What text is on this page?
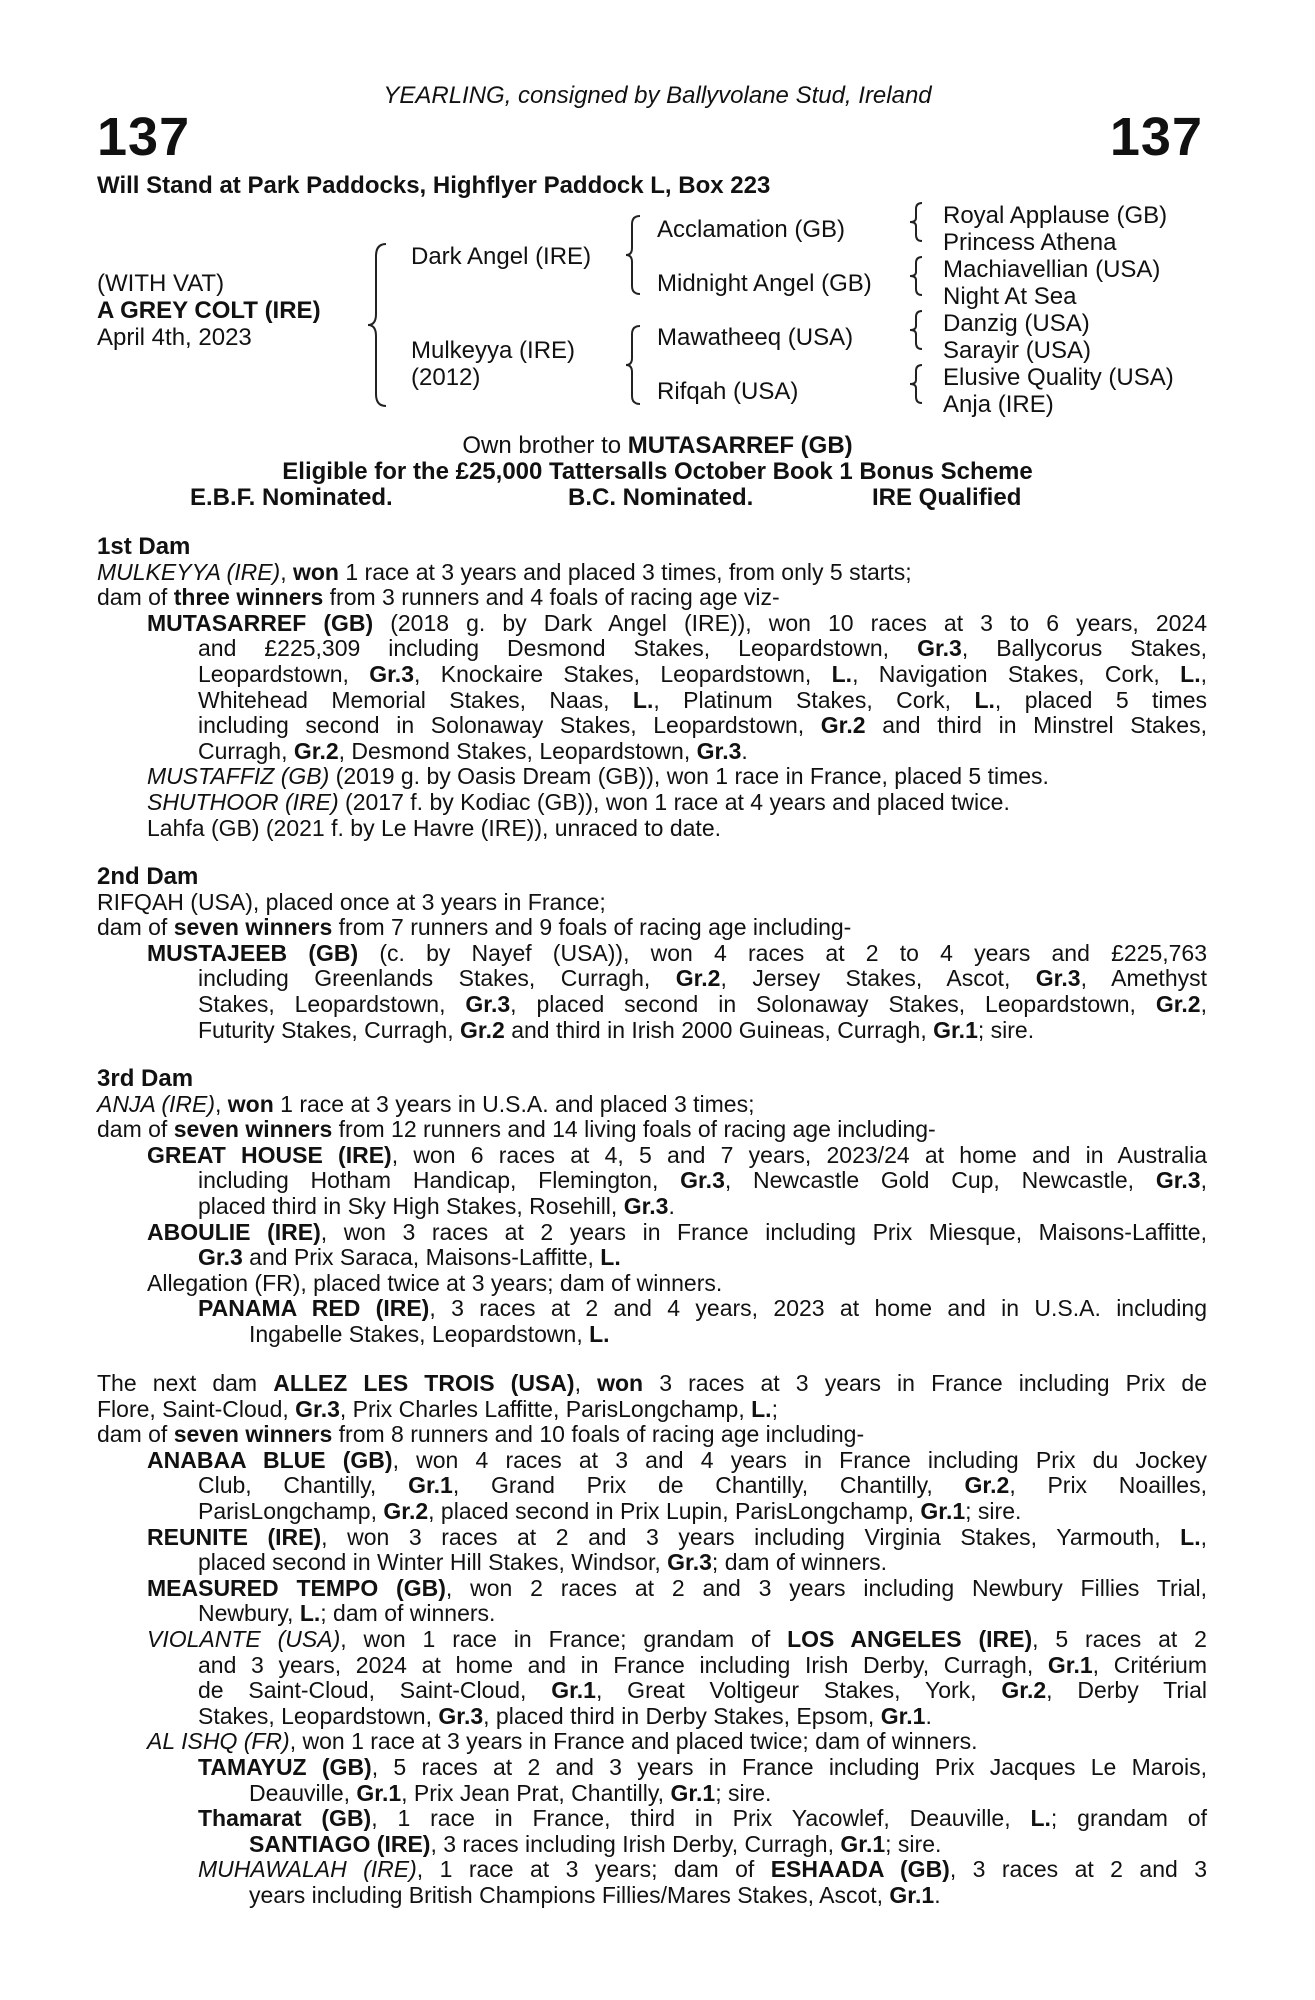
YEARLING, consigned by Ballyvolane Stud, Ireland
137	137
Will Stand at Park Paddocks, Highflyer Paddock L, Box 223
(WITH VAT)
A GREY COLT (IRE)
April 4th, 2023
Dark Angel (IRE)
Mulkeyya (IRE)
(2012)
Acclamation (GB)
Midnight Angel (GB)
Mawatheeq (USA)
Rifqah (USA)
Royal Applause (GB)
Princess Athena
Machiavellian (USA)
Night At Sea
Danzig (USA)
Sarayir (USA)
Elusive Quality (USA)
Anja (IRE)
Own brother to MUTASARREF (GB)
Eligible for the £25,000 Tattersalls October Book 1 Bonus Scheme
E.B.F. Nominated.	B.C. Nominated.	IRE Qualified
1st Dam
MULKEYYA (IRE), won 1 race at 3 years and placed 3 times, from only 5 starts;
dam of three winners from 3 runners and 4 foals of racing age viz-
MUTASARREF (GB) (2018 g. by Dark Angel (IRE)), won 10 races at 3 to 6 years, 2024
and £225,309 including Desmond Stakes, Leopardstown, Gr.3, Ballycorus Stakes,
Leopardstown, Gr.3, Knockaire Stakes, Leopardstown, L., Navigation Stakes, Cork, L.,
Whitehead Memorial Stakes, Naas, L., Platinum Stakes, Cork, L., placed 5 times
including second in Solonaway Stakes, Leopardstown, Gr.2 and third in Minstrel Stakes,
Curragh, Gr.2, Desmond Stakes, Leopardstown, Gr.3.
MUSTAFFIZ (GB) (2019 g. by Oasis Dream (GB)), won 1 race in France, placed 5 times.
SHUTHOOR (IRE) (2017 f. by Kodiac (GB)), won 1 race at 4 years and placed twice.
Lahfa (GB) (2021 f. by Le Havre (IRE)), unraced to date.
2nd Dam
RIFQAH (USA), placed once at 3 years in France;
dam of seven winners from 7 runners and 9 foals of racing age including-
MUSTAJEEB (GB) (c. by Nayef (USA)), won 4 races at 2 to 4 years and £225,763
including Greenlands Stakes, Curragh, Gr.2, Jersey Stakes, Ascot, Gr.3, Amethyst
Stakes, Leopardstown, Gr.3, placed second in Solonaway Stakes, Leopardstown, Gr.2,
Futurity Stakes, Curragh, Gr.2 and third in Irish 2000 Guineas, Curragh, Gr.1; sire.
3rd Dam
ANJA (IRE), won 1 race at 3 years in U.S.A. and placed 3 times;
dam of seven winners from 12 runners and 14 living foals of racing age including-
GREAT HOUSE (IRE), won 6 races at 4, 5 and 7 years, 2023/24 at home and in Australia
including Hotham Handicap, Flemington, Gr.3, Newcastle Gold Cup, Newcastle, Gr.3,
placed third in Sky High Stakes, Rosehill, Gr.3.
ABOULIE (IRE), won 3 races at 2 years in France including Prix Miesque, Maisons-Laffitte,
Gr.3 and Prix Saraca, Maisons-Laffitte, L.
Allegation (FR), placed twice at 3 years; dam of winners.
PANAMA RED (IRE), 3 races at 2 and 4 years, 2023 at home and in U.S.A. including
Ingabelle Stakes, Leopardstown, L.
The next dam ALLEZ LES TROIS (USA), won 3 races at 3 years in France including Prix de
Flore, Saint-Cloud, Gr.3, Prix Charles Laffitte, ParisLongchamp, L.;
dam of seven winners from 8 runners and 10 foals of racing age including-
ANABAA BLUE (GB), won 4 races at 3 and 4 years in France including Prix du Jockey
Club, Chantilly, Gr.1, Grand Prix de Chantilly, Chantilly, Gr.2, Prix Noailles,
ParisLongchamp, Gr.2, placed second in Prix Lupin, ParisLongchamp, Gr.1; sire.
REUNITE (IRE), won 3 races at 2 and 3 years including Virginia Stakes, Yarmouth, L.,
placed second in Winter Hill Stakes, Windsor, Gr.3; dam of winners.
MEASURED TEMPO (GB), won 2 races at 2 and 3 years including Newbury Fillies Trial,
Newbury, L.; dam of winners.
VIOLANTE (USA), won 1 race in France; grandam of LOS ANGELES (IRE), 5 races at 2
and 3 years, 2024 at home and in France including Irish Derby, Curragh, Gr.1, Critérium
de Saint-Cloud, Saint-Cloud, Gr.1, Great Voltigeur Stakes, York, Gr.2, Derby Trial
Stakes, Leopardstown, Gr.3, placed third in Derby Stakes, Epsom, Gr.1.
AL ISHQ (FR), won 1 race at 3 years in France and placed twice; dam of winners.
TAMAYUZ (GB), 5 races at 2 and 3 years in France including Prix Jacques Le Marois,
Deauville, Gr.1, Prix Jean Prat, Chantilly, Gr.1; sire.
Thamarat (GB), 1 race in France, third in Prix Yacowlef, Deauville, L.; grandam of
SANTIAGO (IRE), 3 races including Irish Derby, Curragh, Gr.1; sire.
MUHAWALAH (IRE), 1 race at 3 years; dam of ESHAADA (GB), 3 races at 2 and 3
years including British Champions Fillies/Mares Stakes, Ascot, Gr.1.
